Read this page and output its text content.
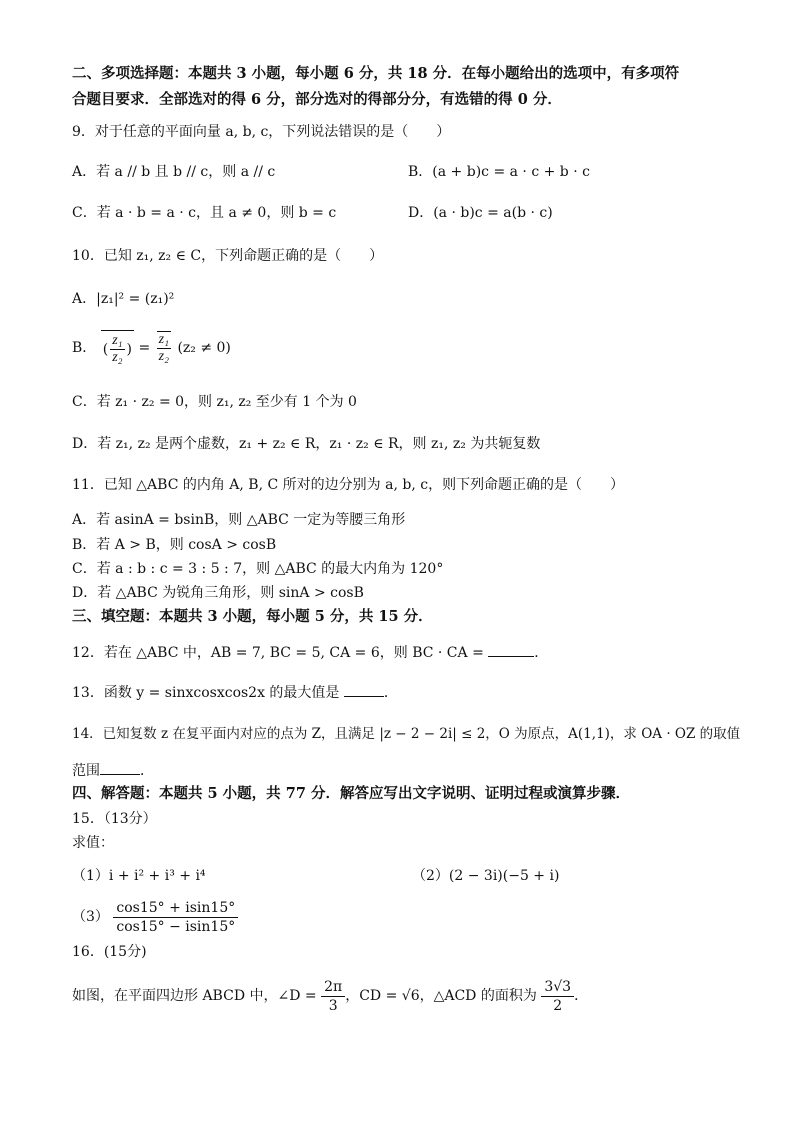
二、多项选择题：本题共 3 小题，每小题 6 分，共 18 分．在每小题给出的选项中，有多项符
合题目要求．全部选对的得 6 分，部分选对的得部分分，有选错的得 0 分．
9．对于任意的平面向量 a, b, c，下列说法错误的是（　　）
A．若 a // b 且 b // c，则 a // c	B．(a + b)c = a · c + b · c
C．若 a · b = a · c，且 a ≠ 0，则 b = c	D．(a · b)c = a(b · c)
10．已知 z₁, z₂ ∈ C，下列命题正确的是（　　）
A．|z₁|² = (z₁)²
B． ( $\frac{\text{z₁}}{\text{z₂}}$ ) = $\frac{\text{z₁}}{\text{z₂}} (z_2 \ne 0)$
C．若 z₁ · z₂ = 0，则 z₁, z₂ 至少有 1 个为 0
D．若 z₁, z₂ 是两个虚数，z₁ + z₂ ∈ R，z₁ · z₂ ∈ R，则 z₁, z₂ 为共轭复数
11．已知 △ABC 的内角 A, B, C 所对的边分别为 a, b, c，则下列命题正确的是（　　）
A．若 asinA = bsinB，则 △ABC 一定为等腰三角形
B．若 A > B，则 cosA > cosB
C．若 a : b : c = 3 : 5 : 7，则 △ABC 的最大内角为 120°
D．若 △ABC 为锐角三角形，则 sinA > cosB
三、填空题：本题共 3 小题，每小题 5 分，共 15 分．
12．若在 △ABC 中，AB = 7, BC = 5, CA = 6，则 BC · CA =	．
13．函数 y = sinxcosxcos2x 的最大值是	．
14．已知复数 z 在复平面内对应的点为 Z，且满足 |z − 2 − 2i| ≤ 2，O 为原点，A(1,1)，求 OA · OZ 的取值
范围	．
四、解答题：本题共 5 小题，共 77 分．解答应写出文字说明、证明过程或演算步骤．
15．（13分）
求值：
（1）i + i² + i³ + i⁴	（2）(2 − 3i)(−5 + i)
$(3) \frac{\cos 15^\circ + isin15^\circ}{\cos 15^\circ - isin15^\circ}$
16．(15分)
如图，在平面四边形 ABCD 中，∠D = $\frac{2\pi}{3}$ ，CD = √6，△ACD 的面积为 $\frac{3√3}{2}$ ．
